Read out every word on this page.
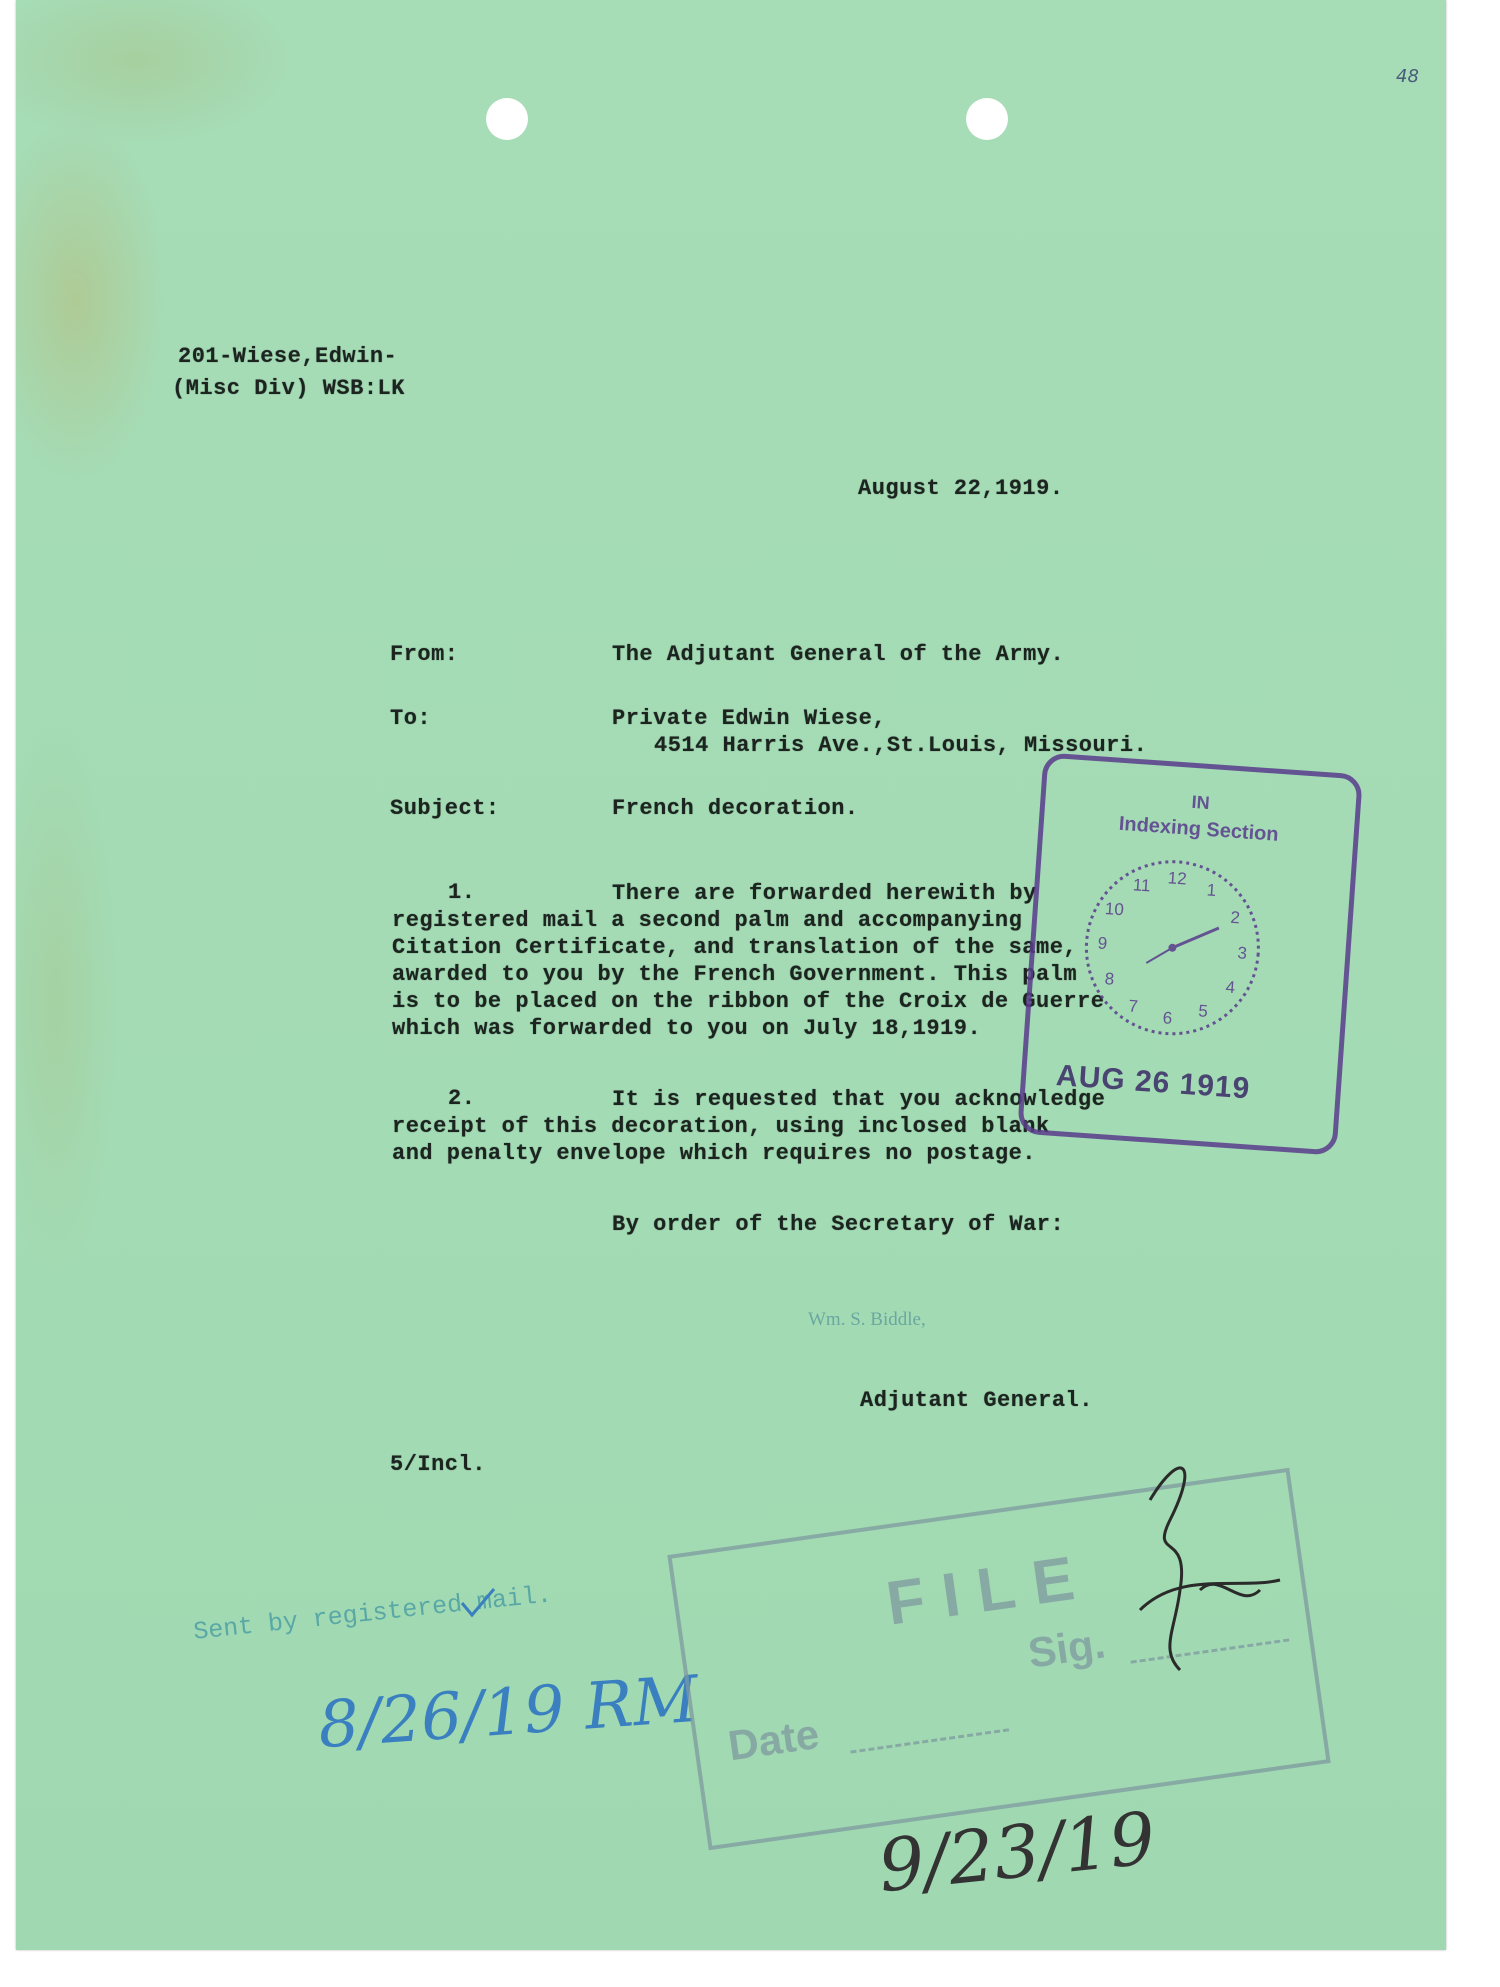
48
201-Wiese,Edwin-
(Misc Div) WSB:LK
August 22,1919.
From:	The Adjutant General of the Army.
To:	Private Edwin Wiese,
4514 Harris Ave.,St.Louis, Missouri.
Subject:	French decoration.
1.	There are forwarded herewith by
registered mail a second palm and accompanying
Citation Certificate, and translation of the same,
awarded to you by the French Government. This palm
is to be placed on the ribbon of the Croix de Guerre
which was forwarded to you on July 18,1919.
2.	It is requested that you acknowledge
receipt of this decoration, using inclosed blank
and penalty envelope which requires no postage.
By order of the Secretary of War:
Wm. S. Biddle,
Adjutant General.
5/Incl.
IN
Indexing Section
12
1
2
3
4
5
6
7
8
9
10
11
AUG 26 1919
Sent by registered mail.
8/26/19 RM
FILE
Date
Sig.
9/23/19
